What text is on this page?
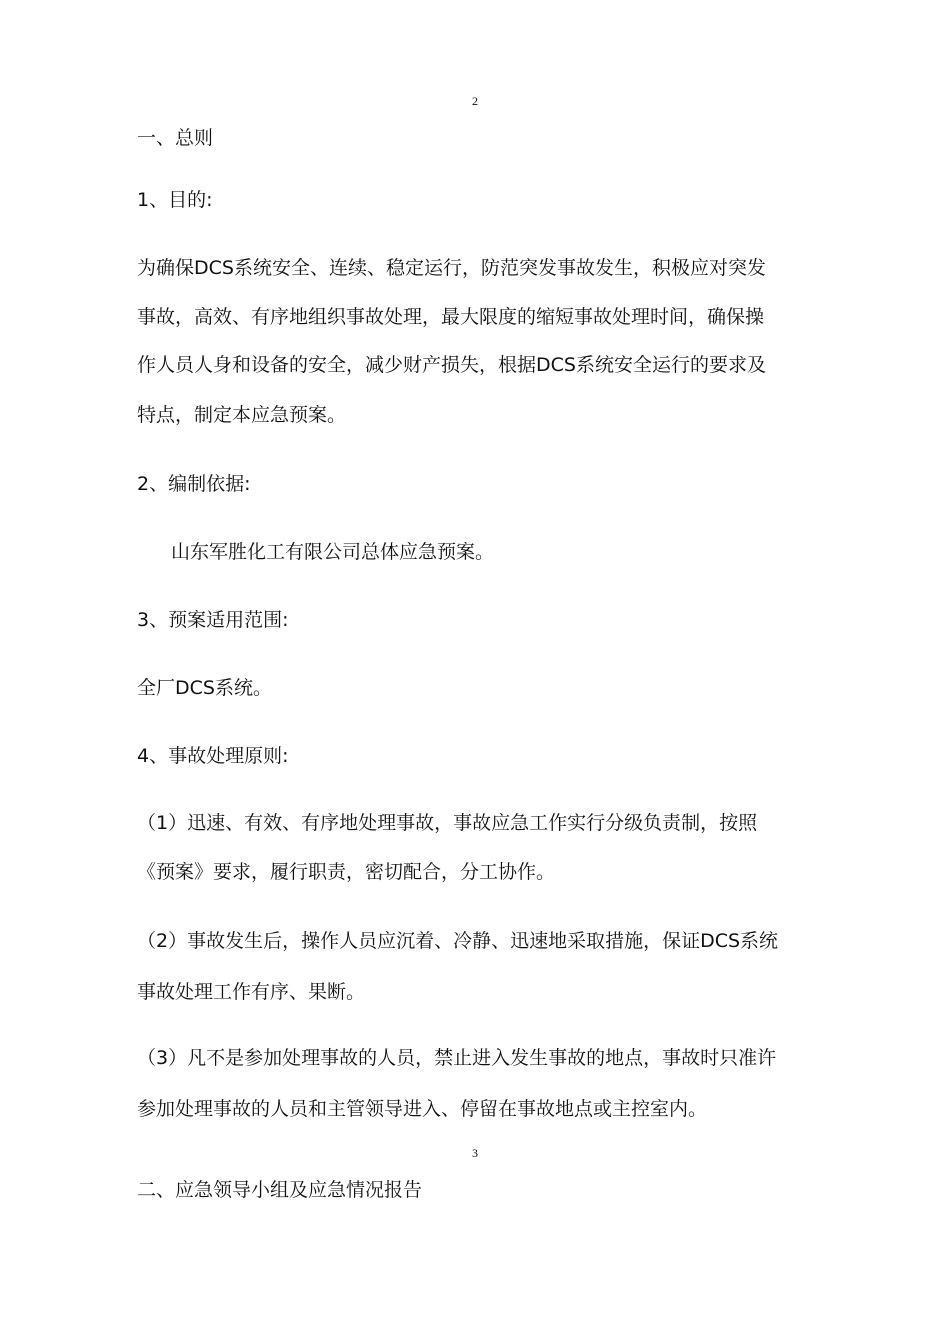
2
一、总则
1、目的:
为确保DCS系统安全、连续、稳定运行，防范突发事故发生，积极应对突发
事故，高效、有序地组织事故处理，最大限度的缩短事故处理时间，确保操
作人员人身和设备的安全，减少财产损失，根据DCS系统安全运行的要求及
特点，制定本应急预案。
2、编制依据:
山东军胜化工有限公司总体应急预案。
3、预案适用范围:
全厂DCS系统。
4、事故处理原则:
（1）迅速、有效、有序地处理事故，事故应急工作实行分级负责制，按照
《预案》要求，履行职责，密切配合，分工协作。
（2）事故发生后，操作人员应沉着、冷静、迅速地采取措施，保证DCS系统
事故处理工作有序、果断。
（3）凡不是参加处理事故的人员，禁止进入发生事故的地点，事故时只准许
参加处理事故的人员和主管领导进入、停留在事故地点或主控室内。
3
二、应急领导小组及应急情况报告
